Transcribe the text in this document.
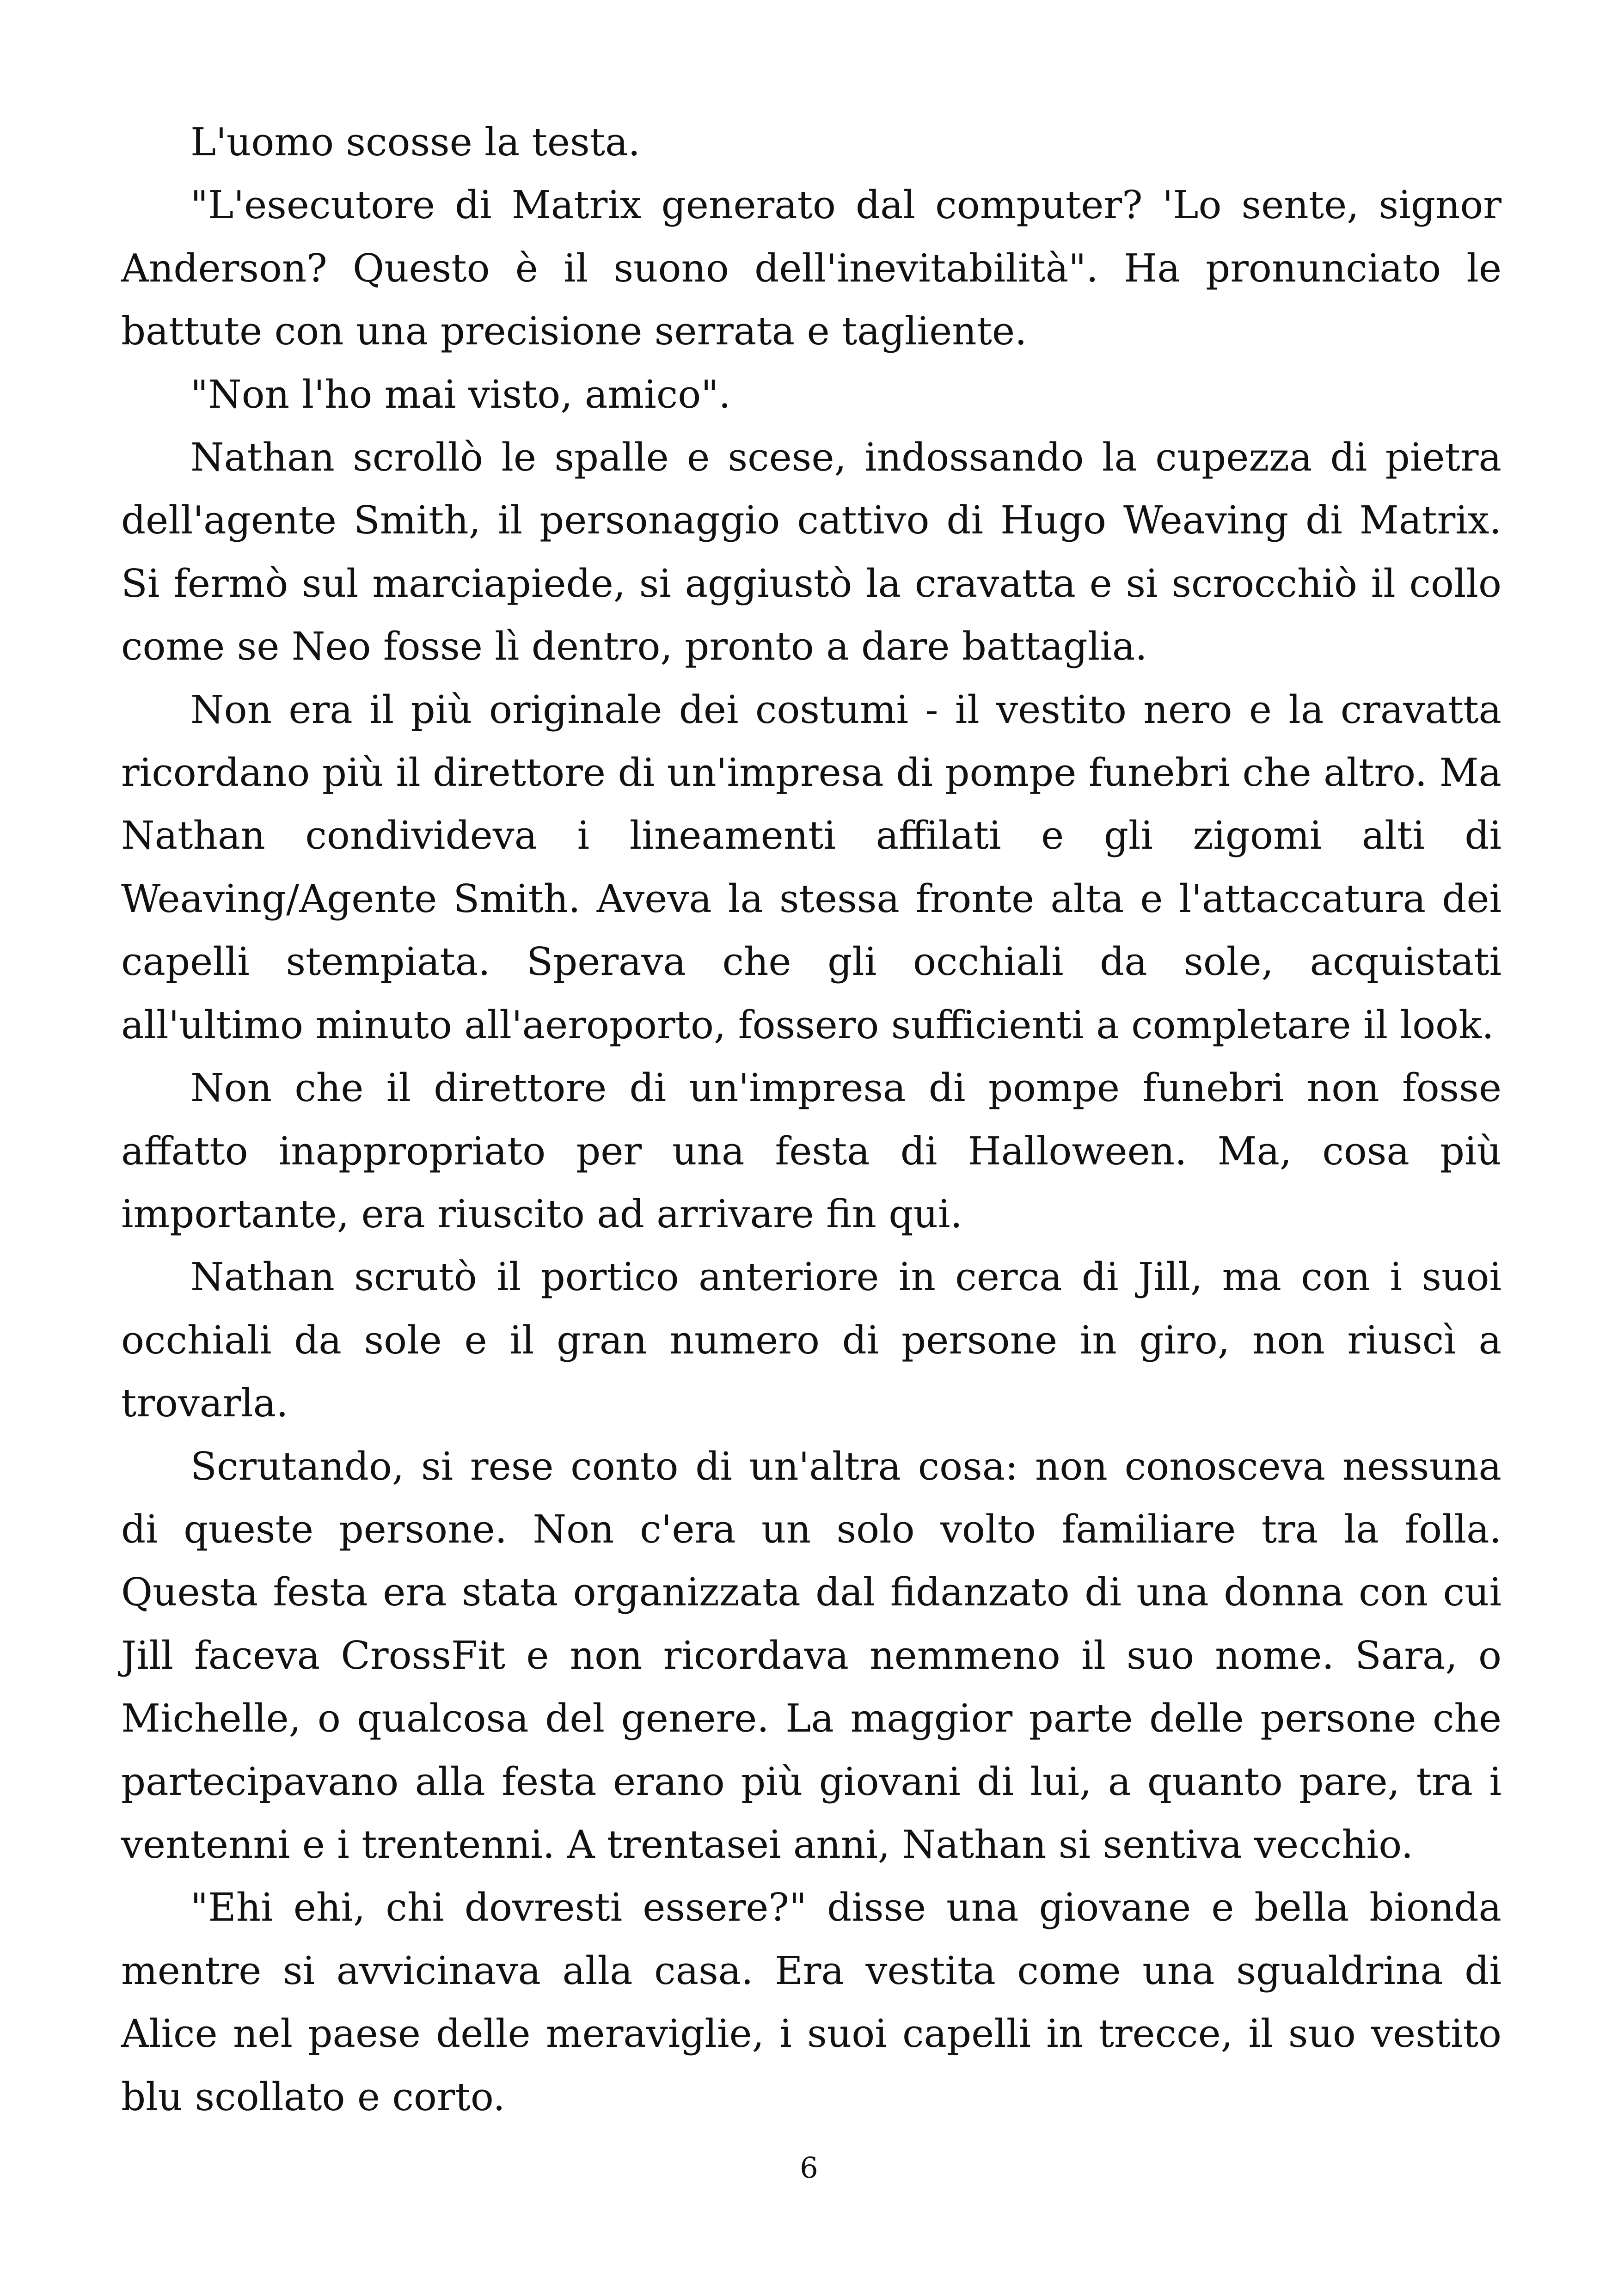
L'uomo scosse la testa.

"L'esecutore di Matrix generato dal computer? 'Lo sente, signor Anderson? Questo è il suono dell'inevitabilità". Ha pronunciato le battute con una precisione serrata e tagliente.

"Non l'ho mai visto, amico".

Nathan scrollò le spalle e scese, indossando la cupezza di pietra dell'agente Smith, il personaggio cattivo di Hugo Weaving di Matrix. Si fermò sul marciapiede, si aggiustò la cravatta e si scrocchiò il collo come se Neo fosse lì dentro, pronto a dare battaglia.

Non era il più originale dei costumi - il vestito nero e la cravatta ricordano più il direttore di un'impresa di pompe funebri che altro. Ma Nathan condivideva i lineamenti affilati e gli zigomi alti di Weaving/Agente Smith. Aveva la stessa fronte alta e l'attaccatura dei capelli stempiata. Sperava che gli occhiali da sole, acquistati all'ultimo minuto all'aeroporto, fossero sufficienti a completare il look.

Non che il direttore di un'impresa di pompe funebri non fosse affatto inappropriato per una festa di Halloween. Ma, cosa più importante, era riuscito ad arrivare fin qui.

Nathan scrutò il portico anteriore in cerca di Jill, ma con i suoi occhiali da sole e il gran numero di persone in giro, non riuscì a trovarla.

Scrutando, si rese conto di un'altra cosa: non conosceva nessuna di queste persone. Non c'era un solo volto familiare tra la folla. Questa festa era stata organizzata dal fidanzato di una donna con cui Jill faceva CrossFit e non ricordava nemmeno il suo nome. Sara, o Michelle, o qualcosa del genere. La maggior parte delle persone che partecipavano alla festa erano più giovani di lui, a quanto pare, tra i ventenni e i trentenni. A trentasei anni, Nathan si sentiva vecchio.

"Ehi ehi, chi dovresti essere?" disse una giovane e bella bionda mentre si avvicinava alla casa. Era vestita come una sgualdrina di Alice nel paese delle meraviglie, i suoi capelli in trecce, il suo vestito blu scollato e corto.

6
